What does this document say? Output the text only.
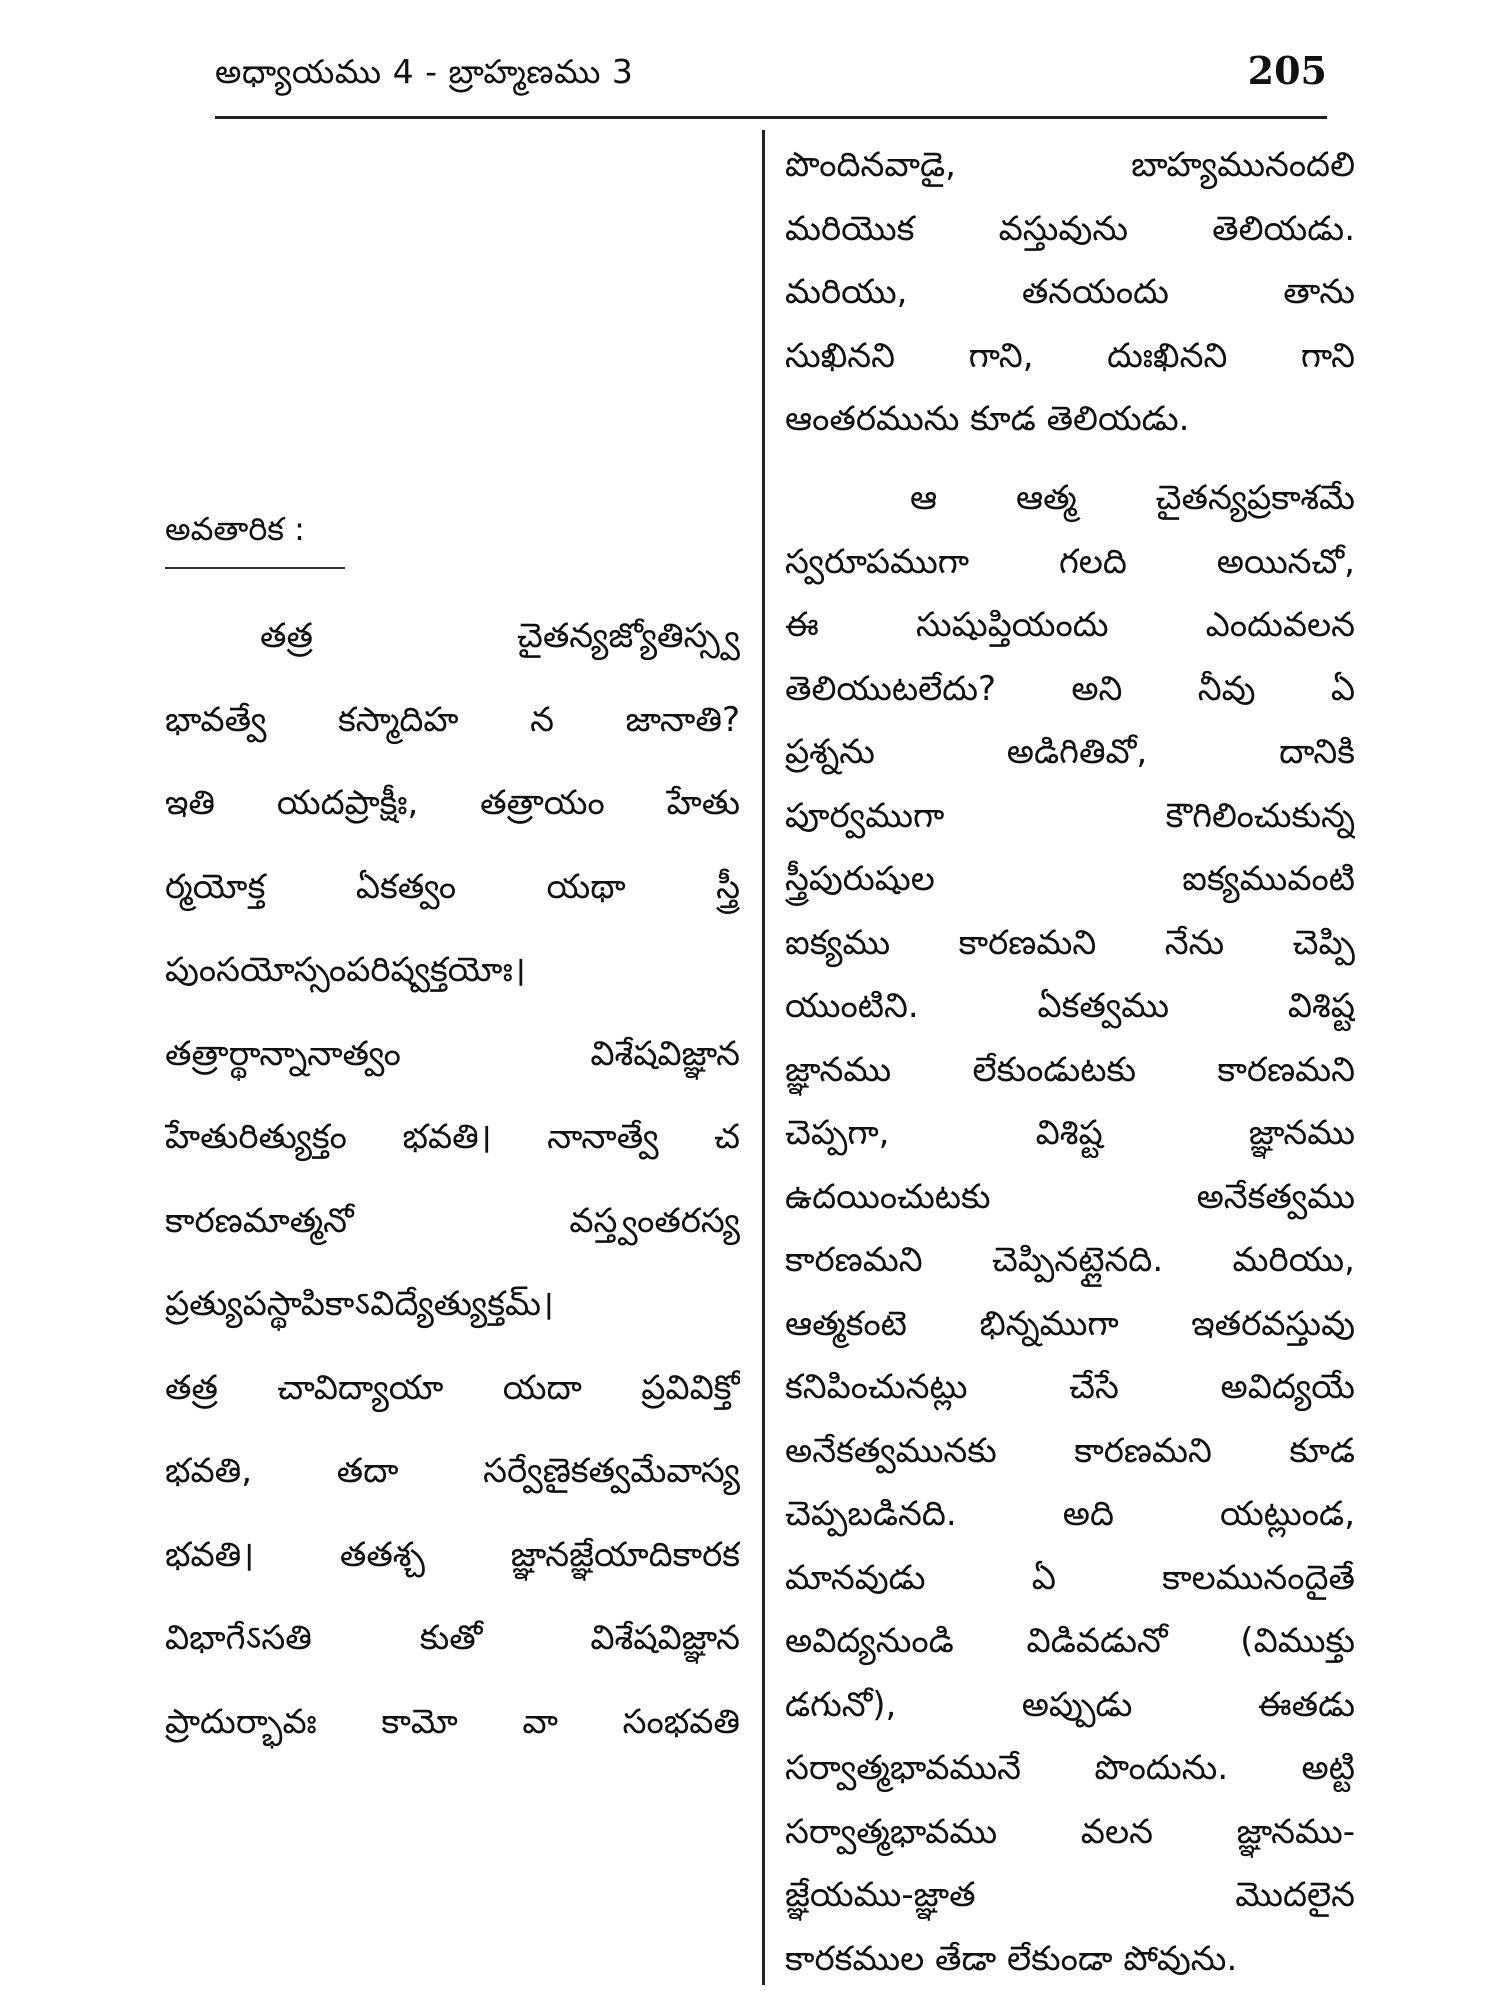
అధ్యాయము 4 - బ్రాహ్మణము 3	205
అవతారిక :
తత్ర చైతన్యజ్యోతిస్స్వ
భావత్వే కస్మాదిహ న జానాతి?
ఇతి యదప్రాక్షీః, తత్రాయం హేతు
ర్మయోక్త ఏకత్వం యథా స్త్రీ
పుంసయోస్సంపరిష్వక్తయోః।
తత్రార్థాన్నానాత్వం విశేషవిజ్ఞాన
హేతురిత్యుక్తం భవతి। నానాత్వే చ
కారణమాత్మనో వస్త్వంతరస్య
ప్రత్యుపస్థాపికాऽవిద్యేత్యుక్తమ్।
తత్ర చావిద్యాయా యదా ప్రవివిక్తో
భవతి, తదా సర్వేణైకత్వమేవాస్య
భవతి। తతశ్చ జ్ఞానజ్ఞేయాదికారక
విభాగేऽసతి కుతో విశేషవిజ్ఞాన
ప్రాదుర్భావః కామో వా సంభవతి
పొందినవాడై, బాహ్యమునందలి
మరియొక వస్తువును తెలియడు.
మరియు, తనయందు తాను
సుఖినని గాని, దుఃఖినని గాని
ఆంతరమును కూడ తెలియడు.
ఆ ఆత్మ చైతన్యప్రకాశమే
స్వరూపముగా గలది అయినచో,
ఈ సుషుప్తియందు ఎందువలన
తెలియుటలేదు? అని నీవు ఏ
ప్రశ్నను అడిగితివో, దానికి
పూర్వముగా కౌగిలించుకున్న
స్త్రీపురుషుల ఐక్యమువంటి
ఐక్యము కారణమని నేను చెప్పి
యుంటిని. ఏకత్వము విశిష్ట
జ్ఞానము లేకుండుటకు కారణమని
చెప్పగా, విశిష్ట జ్ఞానము
ఉదయించుటకు అనేకత్వము
కారణమని చెప్పినట్లైనది. మరియు,
ఆత్మకంటె భిన్నముగా ఇతరవస్తువు
కనిపించునట్లు చేసే అవిద్యయే
అనేకత్వమునకు కారణమని కూడ
చెప్పబడినది. అది యట్లుండ,
మానవుడు ఏ కాలమునందైతే
అవిద్యనుండి విడివడునో (విముక్తు
డగునో), అప్పుడు ఈతడు
సర్వాత్మభావమునే పొందును. అట్టి
సర్వాత్మభావము వలన జ్ఞానము-
జ్ఞేయము-జ్ఞాత మొదలైన
కారకముల తేడా లేకుండా పోవును.
